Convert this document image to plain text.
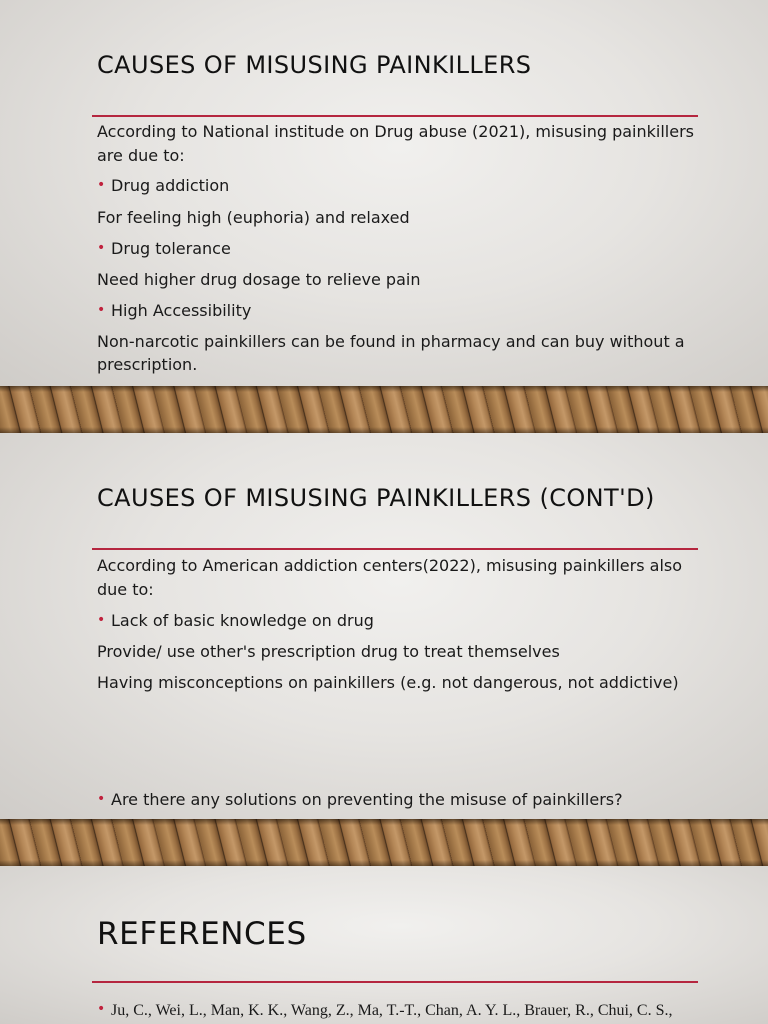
CAUSES OF MISUSING PAINKILLERS

According to National institude on Drug abuse (2021), misusing painkillers are due to:

• Drug addiction

For feeling high (euphoria) and relaxed

• Drug tolerance

Need higher drug dosage to relieve pain

• High Accessibility

Non-narcotic painkillers can be found in pharmacy and can buy without a prescription.

CAUSES OF MISUSING PAINKILLERS (CONT'D)

According to American addiction centers(2022), misusing painkillers also due to:

• Lack of basic knowledge on drug

Provide/ use other's prescription drug to treat themselves

Having misconceptions on painkillers (e.g. not dangerous, not addictive)

• Are there any solutions on preventing the misuse of painkillers?
REFERENCES
• Ju, C., Wei, L., Man, K. K., Wang, Z., Ma, T.-T., Chan, A. Y. L., Brauer, R., Chui, C. S.,
